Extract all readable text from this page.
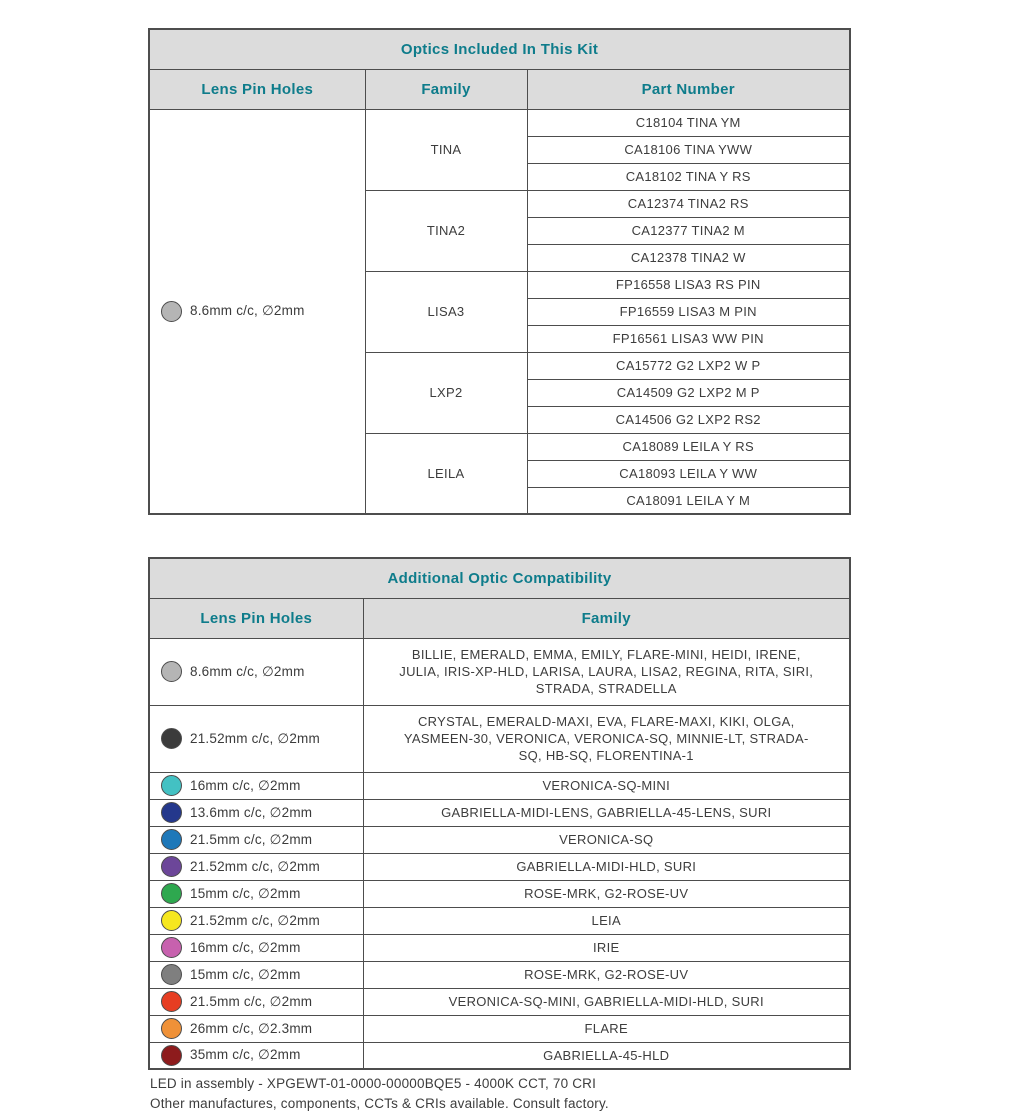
Optics Included In This Kit		
Lens Pin Holes	Family	Part Number

8.6mm c/c, ∅2mm	TINA	C18104 TINA YM
		CA18106 TINA YWW
		CA18102 TINA Y RS
	TINA2	CA12374 TINA2 RS
		CA12377 TINA2 M
		CA12378 TINA2 W
	LISA3	FP16558 LISA3 RS PIN
		FP16559 LISA3 M PIN
		FP16561 LISA3 WW PIN
	LXP2	CA15772 G2 LXP2 W P
		CA14509 G2 LXP2 M P
		CA14506 G2 LXP2 RS2
	LEILA	CA18089 LEILA Y RS
		CA18093 LEILA Y WW
		CA18091 LEILA Y M
Additional Optic Compatibility	
Lens Pin Holes	Family

8.6mm c/c, ∅2mm	BILLIE, EMERALD, EMMA, EMILY, FLARE-MINI, HEIDI, IRENE, JULIA, IRIS-XP-HLD, LARISA, LAURA, LISA2, REGINA, RITA, SIRI, STRADA, STRADELLA

21.52mm c/c, ∅2mm	CRYSTAL, EMERALD-MAXI, EVA, FLARE-MAXI, KIKI, OLGA, YASMEEN-30, VERONICA, VERONICA-SQ, MINNIE-LT, STRADA-SQ, HB-SQ, FLORENTINA-1

16mm c/c, ∅2mm	VERONICA-SQ-MINI

13.6mm c/c, ∅2mm	GABRIELLA-MIDI-LENS, GABRIELLA-45-LENS, SURI

21.5mm c/c, ∅2mm	VERONICA-SQ

21.52mm c/c, ∅2mm	GABRIELLA-MIDI-HLD, SURI

15mm c/c, ∅2mm	ROSE-MRK, G2-ROSE-UV

21.52mm c/c, ∅2mm	LEIA

16mm c/c, ∅2mm	IRIE

15mm c/c, ∅2mm	ROSE-MRK, G2-ROSE-UV

21.5mm c/c, ∅2mm	VERONICA-SQ-MINI, GABRIELLA-MIDI-HLD, SURI

26mm c/c, ∅2.3mm	FLARE

35mm c/c, ∅2mm	GABRIELLA-45-HLD
LED in assembly - XPGEWT-01-0000-00000BQE5 - 4000K CCT, 70 CRI
Other manufactures, components, CCTs & CRIs available. Consult factory.
